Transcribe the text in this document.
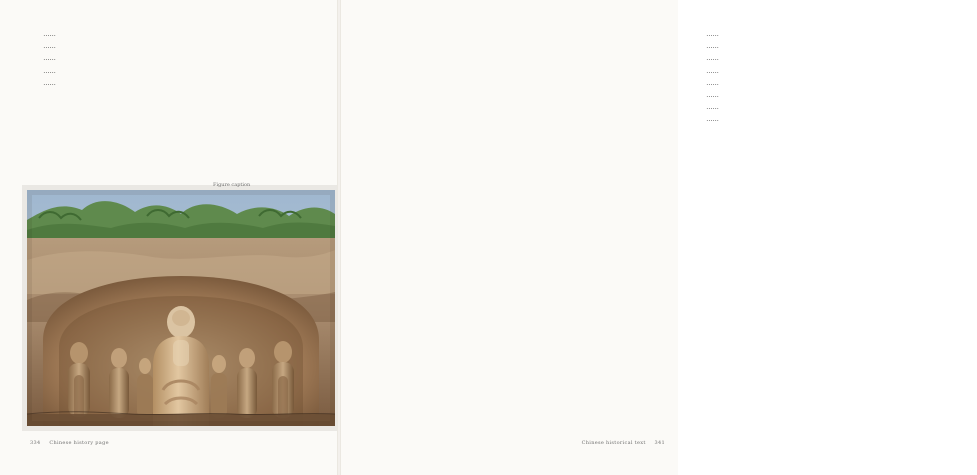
……

……

……

……

……

Figure caption
334 Chinese history page

……

……

……

……

……

……

……

……

Chinese historical text 341
